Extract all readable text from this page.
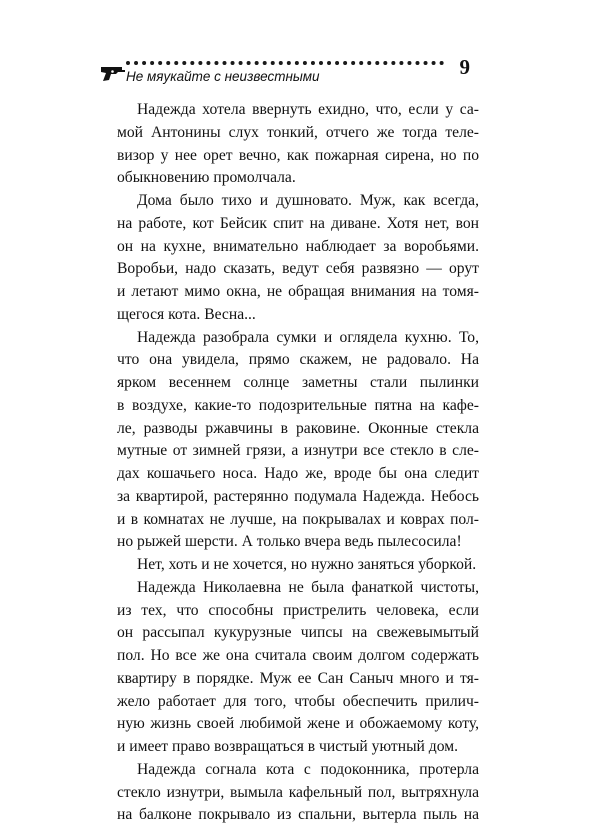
Не мяукайте с неизвестными	9
Надежда хотела ввернуть ехидно, что, если у са-
мой Антонины слух тонкий, отчего же тогда теле-
визор у нее орет вечно, как пожарная сирена, но по
обыкновению промолчала.
Дома было тихо и душновато. Муж, как всегда,
на работе, кот Бейсик спит на диване. Хотя нет, вон
он на кухне, внимательно наблюдает за воробьями.
Воробьи, надо сказать, ведут себя развязно — орут
и летают мимо окна, не обращая внимания на томя-
щегося кота. Весна...
Надежда разобрала сумки и оглядела кухню. То,
что она увидела, прямо скажем, не радовало. На
ярком весеннем солнце заметны стали пылинки
в воздухе, какие-то подозрительные пятна на кафе-
ле, разводы ржавчины в раковине. Оконные стекла
мутные от зимней грязи, а изнутри все стекло в сле-
дах кошачьего носа. Надо же, вроде бы она следит
за квартирой, растерянно подумала Надежда. Небось
и в комнатах не лучше, на покрывалах и коврах пол-
но рыжей шерсти. А только вчера ведь пылесосила!
Нет, хоть и не хочется, но нужно заняться уборкой.
Надежда Николаевна не была фанаткой чистоты,
из тех, что способны пристрелить человека, если
он рассыпал кукурузные чипсы на свежевымытый
пол. Но все же она считала своим долгом содержать
квартиру в порядке. Муж ее Сан Саныч много и тя-
жело работает для того, чтобы обеспечить прилич-
ную жизнь своей любимой жене и обожаемому коту,
и имеет право возвращаться в чистый уютный дом.
Надежда согнала кота с подоконника, протерла
стекло изнутри, вымыла кафельный пол, вытряхнула
на балконе покрывало из спальни, вытерла пыль на
